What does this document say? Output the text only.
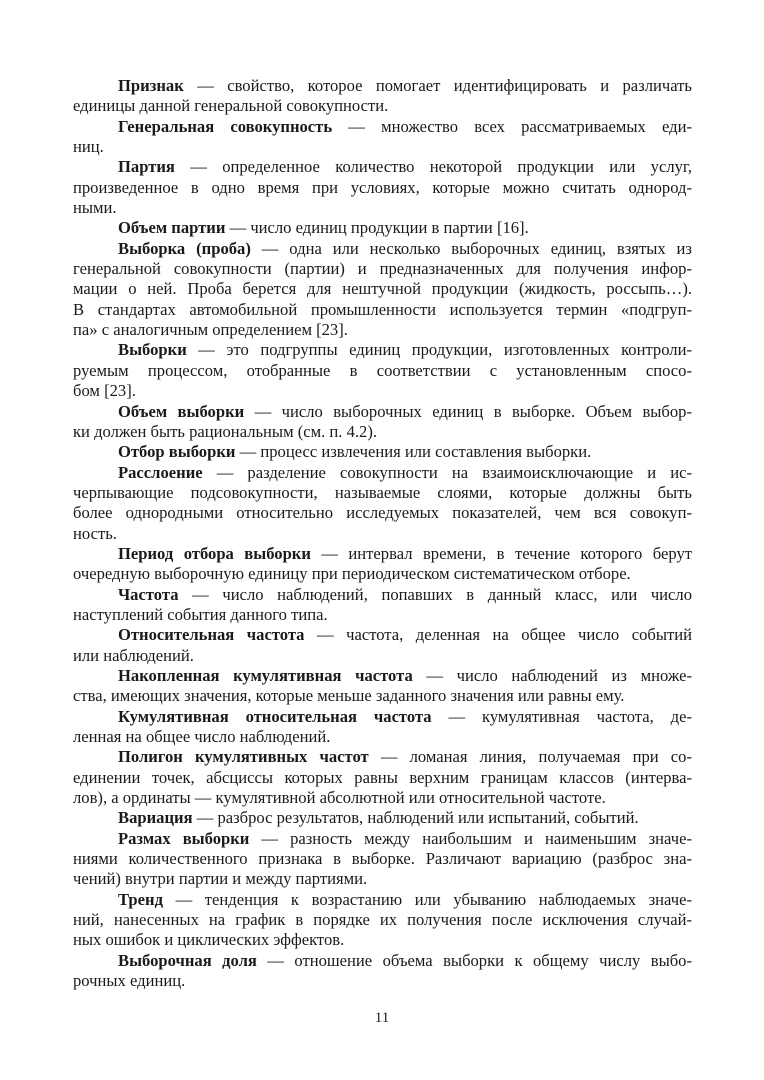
Признак — свойство, которое помогает идентифицировать и различать
единицы данной генеральной совокупности.
Генеральная совокупность — множество всех рассматриваемых еди-
ниц.
Партия — определенное количество некоторой продукции или услуг,
произведенное в одно время при условиях, которые можно считать однород-
ными.
Объем партии — число единиц продукции в партии [16].
Выборка (проба) — одна или несколько выборочных единиц, взятых из
генеральной совокупности (партии) и предназначенных для получения инфор-
мации о ней. Проба берется для нештучной продукции (жидкость, россыпь…).
В стандартах автомобильной промышленности используется термин «подгруп-
па» с аналогичным определением [23].
Выборки — это подгруппы единиц продукции, изготовленных контроли-
руемым процессом, отобранные в соответствии с установленным спосо-
бом [23].
Объем выборки — число выборочных единиц в выборке. Объем выбор-
ки должен быть рациональным (см. п. 4.2).
Отбор выборки — процесс извлечения или составления выборки.
Расслоение — разделение совокупности на взаимоисключающие и ис-
черпывающие подсовокупности, называемые слоями, которые должны быть
более однородными относительно исследуемых показателей, чем вся совокуп-
ность.
Период отбора выборки — интервал времени, в течение которого берут
очередную выборочную единицу при периодическом систематическом отборе.
Частота — число наблюдений, попавших в данный класс, или число
наступлений события данного типа.
Относительная частота — частота, деленная на общее число событий
или наблюдений.
Накопленная кумулятивная частота — число наблюдений из множе-
ства, имеющих значения, которые меньше заданного значения или равны ему.
Кумулятивная относительная частота — кумулятивная частота, де-
ленная на общее число наблюдений.
Полигон кумулятивных частот — ломаная линия, получаемая при со-
единении точек, абсциссы которых равны верхним границам классов (интерва-
лов), а ординаты — кумулятивной абсолютной или относительной частоте.
Вариация — разброс результатов, наблюдений или испытаний, событий.
Размах выборки — разность между наибольшим и наименьшим значе-
ниями количественного признака в выборке. Различают вариацию (разброс зна-
чений) внутри партии и между партиями.
Тренд — тенденция к возрастанию или убыванию наблюдаемых значе-
ний, нанесенных на график в порядке их получения после исключения случай-
ных ошибок и циклических эффектов.
Выборочная доля — отношение объема выборки к общему числу выбо-
рочных единиц.
11
